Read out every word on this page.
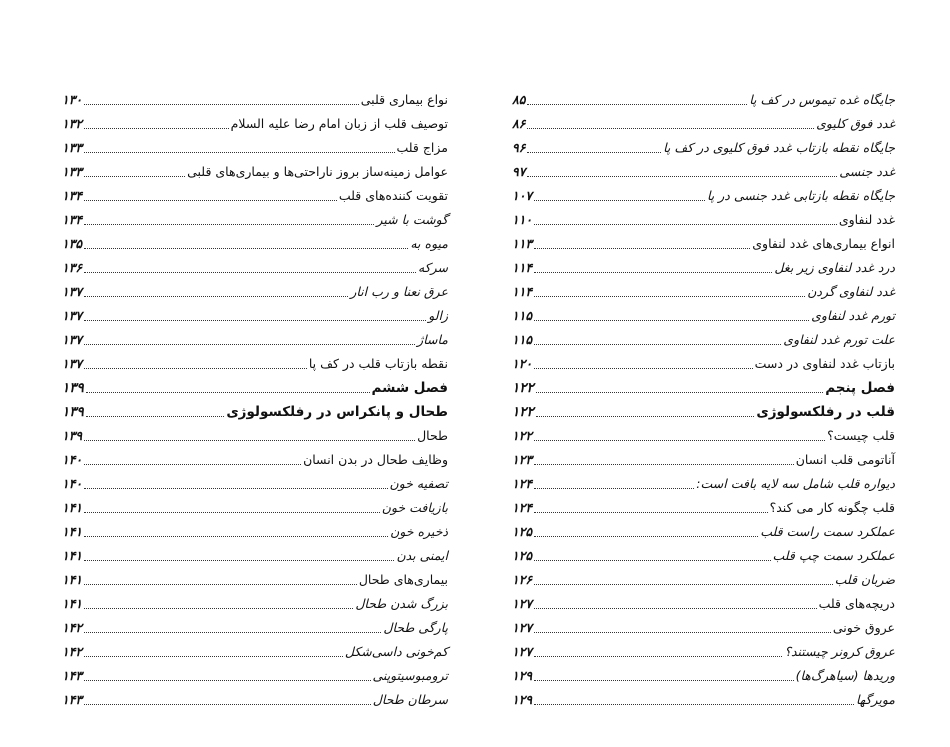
جایگاه غده تیموس در کف پا
۸۵
غدد فوق کلیوی
۸۶
جایگاه نقطه بازتاب غدد فوق کلیوی در کف پا
۹۶
غدد جنسی
۹۷
جایگاه نقطه بازتابی غدد جنسی در پا
۱۰۷
غدد لنفاوی
۱۱۰
انواع بیماری‌های غدد لنفاوی
۱۱۳
درد غدد لنفاوی زیر بغل
۱۱۴
غدد لنفاوی گردن
۱۱۴
تورم غدد لنفاوی
۱۱۵
علت تورم غدد لنفاوی
۱۱۵
بازتاب غدد لنفاوی در دست
۱۲۰
فصل پنجم
۱۲۲
قلب در رفلکسولوژی
۱۲۲
قلب چیست؟
۱۲۲
آناتومی قلب انسان
۱۲۳
دیواره قلب شامل سه لایه بافت است:
۱۲۴
قلب چگونه کار می کند؟
۱۲۴
عملکرد سمت راست قلب
۱۲۵
عملکرد سمت چپ قلب
۱۲۵
ضربان قلب
۱۲۶
دریچه‌های قلب
۱۲۷
عروق خونی
۱۲۷
عروق کرونر چیستند؟
۱۲۷
وریدها (سیاهرگ‌ها)
۱۲۹
مویرگها
۱۲۹
نواع بیماری قلبی
۱۳۰
توصیف قلب از زبان امام رضا علیه السلام
۱۳۲
مزاج قلب
۱۳۳
عوامل زمینه‌ساز بروز ناراحتی‌ها و بیماری‌های قلبی
۱۳۳
تقویت کننده‌های قلب
۱۳۴
گوشت با شیر
۱۳۴
میوه به
۱۳۵
سرکه
۱۳۶
عرق نعنا و رب انار
۱۳۷
زالو
۱۳۷
ماساژ
۱۳۷
نقطه بازتاب قلب در کف پا
۱۳۷
فصل ششم
۱۳۹
طحال و پانکراس در رفلکسولوژی
۱۳۹
طحال
۱۳۹
وظایف طحال در بدن انسان
۱۴۰
تصفیه خون
۱۴۰
بازیافت خون
۱۴۱
ذخیره خون
۱۴۱
ایمنی بدن
۱۴۱
بیماری‌های طحال
۱۴۱
بزرگ شدن طحال
۱۴۱
پارگی طحال
۱۴۲
کم‌خونی داسی‌شکل
۱۴۲
ترومبوسیتوپنی
۱۴۳
سرطان طحال
۱۴۳
